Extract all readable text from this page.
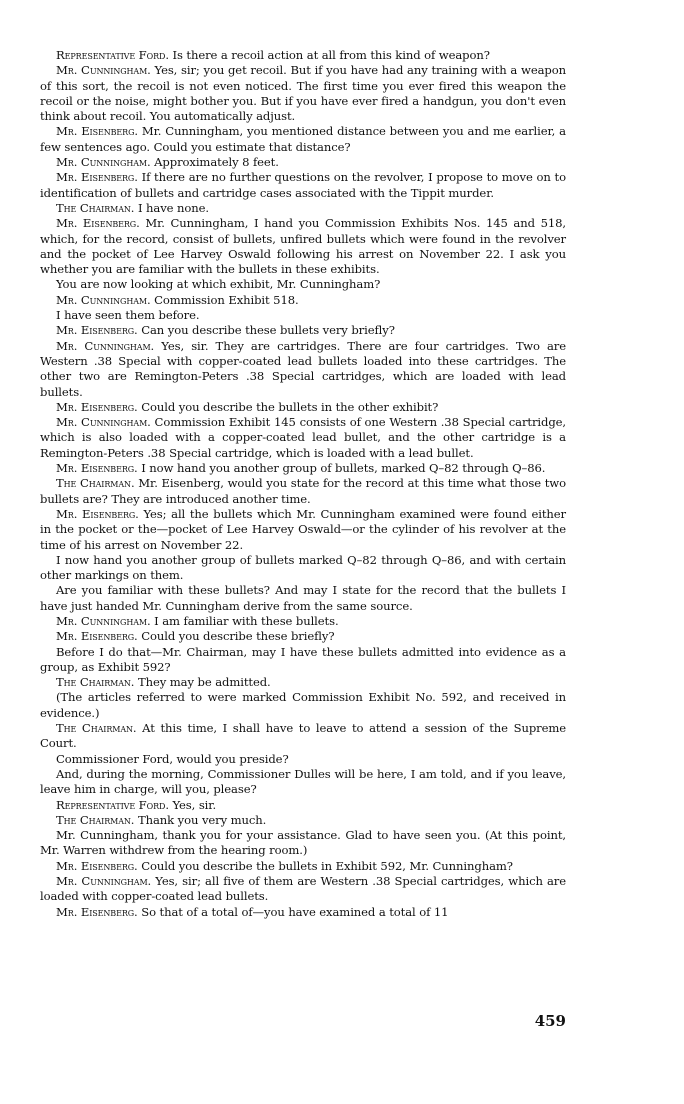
Representative Ford. Is there a recoil action at all from this kind of weapon?

Mr. Cunningham. Yes, sir; you get recoil. But if you have had any training with a weapon of this sort, the recoil is not even noticed. The first time you ever fired this weapon the recoil or the noise, might bother you. But if you have ever fired a handgun, you don't even think about recoil. You automatically adjust.

Mr. Eisenberg. Mr. Cunningham, you mentioned distance between you and me earlier, a few sentences ago. Could you estimate that distance?

Mr. Cunningham. Approximately 8 feet.

Mr. Eisenberg. If there are no further questions on the revolver, I propose to move on to identification of bullets and cartridge cases associated with the Tippit murder.

The Chairman. I have none.

Mr. Eisenberg. Mr. Cunningham, I hand you Commission Exhibits Nos. 145 and 518, which, for the record, consist of bullets, unfired bullets which were found in the revolver and the pocket of Lee Harvey Oswald following his arrest on November 22. I ask you whether you are familiar with the bullets in these exhibits.

You are now looking at which exhibit, Mr. Cunningham?

Mr. Cunningham. Commission Exhibit 518.

I have seen them before.

Mr. Eisenberg. Can you describe these bullets very briefly?

Mr. Cunningham. Yes, sir. They are cartridges. There are four cartridges. Two are Western .38 Special with copper-coated lead bullets loaded into these cartridges. The other two are Remington-Peters .38 Special cartridges, which are loaded with lead bullets.

Mr. Eisenberg. Could you describe the bullets in the other exhibit?

Mr. Cunningham. Commission Exhibit 145 consists of one Western .38 Special cartridge, which is also loaded with a copper-coated lead bullet, and the other cartridge is a Remington-Peters .38 Special cartridge, which is loaded with a lead bullet.

Mr. Eisenberg. I now hand you another group of bullets, marked Q–82 through Q–86.

The Chairman. Mr. Eisenberg, would you state for the record at this time what those two bullets are? They are introduced another time.

Mr. Eisenberg. Yes; all the bullets which Mr. Cunningham examined were found either in the pocket or the—pocket of Lee Harvey Oswald—or the cylinder of his revolver at the time of his arrest on November 22.

I now hand you another group of bullets marked Q–82 through Q–86, and with certain other markings on them.

Are you familiar with these bullets? And may I state for the record that the bullets I have just handed Mr. Cunningham derive from the same source.

Mr. Cunningham. I am familiar with these bullets.

Mr. Eisenberg. Could you describe these briefly?

Before I do that—Mr. Chairman, may I have these bullets admitted into evidence as a group, as Exhibit 592?

The Chairman. They may be admitted.

(The articles referred to were marked Commission Exhibit No. 592, and received in evidence.)

The Chairman. At this time, I shall have to leave to attend a session of the Supreme Court.

Commissioner Ford, would you preside?

And, during the morning, Commissioner Dulles will be here, I am told, and if you leave, leave him in charge, will you, please?

Representative Ford. Yes, sir.

The Chairman. Thank you very much.

Mr. Cunningham, thank you for your assistance. Glad to have seen you. (At this point, Mr. Warren withdrew from the hearing room.)

Mr. Eisenberg. Could you describe the bullets in Exhibit 592, Mr. Cunningham?

Mr. Cunningham. Yes, sir; all five of them are Western .38 Special cartridges, which are loaded with copper-coated lead bullets.

Mr. Eisenberg. So that of a total of—you have examined a total of 11

459
